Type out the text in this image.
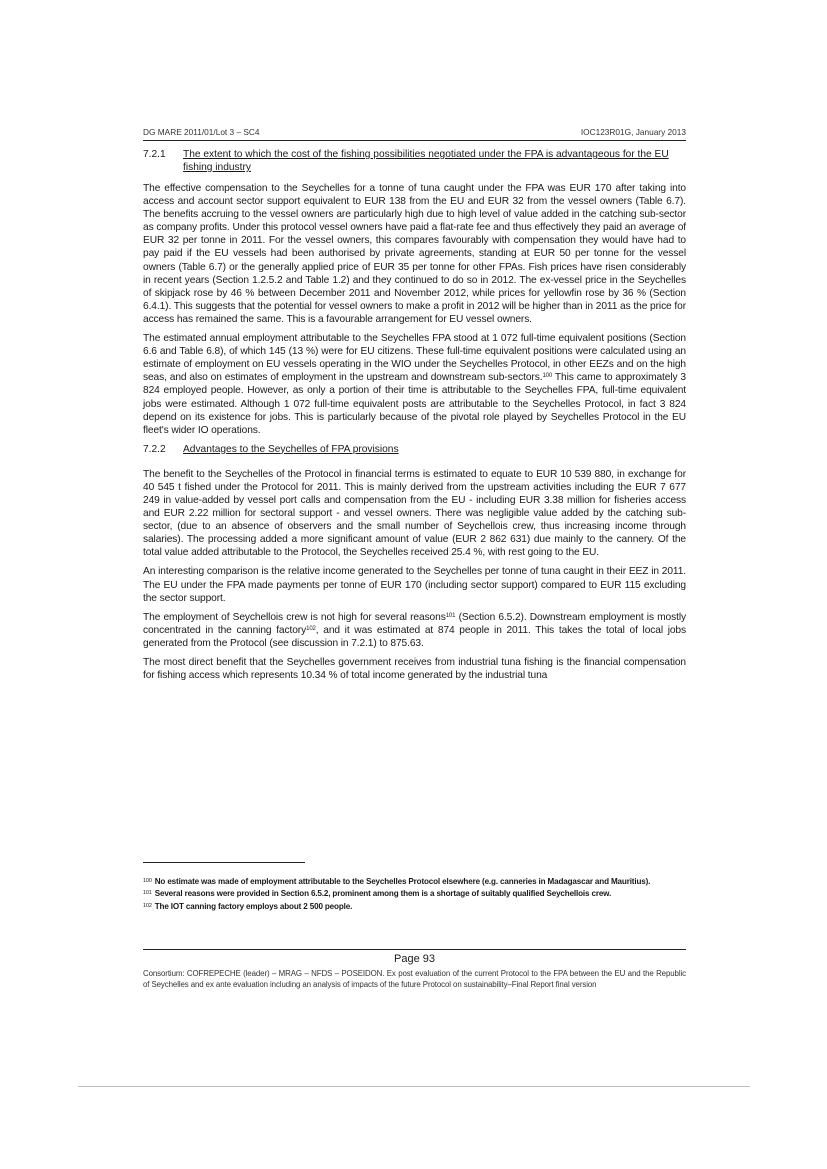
DG MARE 2011/01/Lot 3 – SC4	IOC123R01G, January 2013
7.2.1	The extent to which the cost of the fishing possibilities negotiated under the FPA is advantageous for the EU fishing industry

The effective compensation to the Seychelles for a tonne of tuna caught under the FPA was EUR 170 after taking into access and account sector support equivalent to EUR 138 from the EU and EUR 32 from the vessel owners (Table 6.7). The benefits accruing to the vessel owners are particularly high due to high level of value added in the catching sub-sector as company profits. Under this protocol vessel owners have paid a flat-rate fee and thus effectively they paid an average of EUR 32 per tonne in 2011. For the vessel owners, this compares favourably with compensation they would have had to pay paid if the EU vessels had been authorised by private agreements, standing at EUR 50 per tonne for the vessel owners (Table 6.7) or the generally applied price of EUR 35 per tonne for other FPAs. Fish prices have risen considerably in recent years (Section 1.2.5.2 and Table 1.2) and they continued to do so in 2012. The ex-vessel price in the Seychelles of skipjack rose by 46 % between December 2011 and November 2012, while prices for yellowfin rose by 36 % (Section 6.4.1). This suggests that the potential for vessel owners to make a profit in 2012 will be higher than in 2011 as the price for access has remained the same. This is a favourable arrangement for EU vessel owners.

The estimated annual employment attributable to the Seychelles FPA stood at 1 072 full-time equivalent positions (Section 6.6 and Table 6.8), of which 145 (13 %) were for EU citizens. These full-time equivalent positions were calculated using an estimate of employment on EU vessels operating in the WIO under the Seychelles Protocol, in other EEZs and on the high seas, and also on estimates of employment in the upstream and downstream sub-sectors.$^{100}$ This came to approximately 3 824 employed people. However, as only a portion of their time is attributable to the Seychelles FPA, full-time equivalent jobs were estimated. Although 1 072 full-time equivalent posts are attributable to the Seychelles Protocol, in fact 3 824 depend on its existence for jobs. This is particularly because of the pivotal role played by Seychelles Protocol in the EU fleet's wider IO operations.

7.2.2	Advantages to the Seychelles of FPA provisions

The benefit to the Seychelles of the Protocol in financial terms is estimated to equate to EUR 10 539 880, in exchange for 40 545 t fished under the Protocol for 2011. This is mainly derived from the upstream activities including the EUR 7 677 249 in value-added by vessel port calls and compensation from the EU - including EUR 3.38 million for fisheries access and EUR 2.22 million for sectoral support - and vessel owners. There was negligible value added by the catching sub-sector, (due to an absence of observers and the small number of Seychellois crew, thus increasing income through salaries). The processing added a more significant amount of value (EUR 2 862 631) due mainly to the cannery. Of the total value added attributable to the Protocol, the Seychelles received 25.4 %, with rest going to the EU.

An interesting comparison is the relative income generated to the Seychelles per tonne of tuna caught in their EEZ in 2011. The EU under the FPA made payments per tonne of EUR 170 (including sector support) compared to EUR 115 excluding the sector support.

The employment of Seychellois crew is not high for several reasons$^{101}$ (Section 6.5.2). Downstream employment is mostly concentrated in the canning factory$^{102}$, and it was estimated at 874 people in 2011. This takes the total of local jobs generated from the Protocol (see discussion in 7.2.1) to 875.63.

The most direct benefit that the Seychelles government receives from industrial tuna fishing is the financial compensation for fishing access which represents 10.34 % of total income generated by the industrial tuna

$^{100}$ No estimate was made of employment attributable to the Seychelles Protocol elsewhere (e.g. canneries in Madagascar and Mauritius).
$^{101}$ Several reasons were provided in Section 6.5.2, prominent among them is a shortage of suitably qualified Seychellois crew.
$^{102}$ The IOT canning factory employs about 2 500 people.
Page 93
Consortium: COFREPECHE (leader) – MRAG – NFDS – POSEIDON. Ex post evaluation of the current Protocol to the FPA between the EU and the Republic of Seychelles and ex ante evaluation including an analysis of impacts of the future Protocol on sustainability–Final Report final version
